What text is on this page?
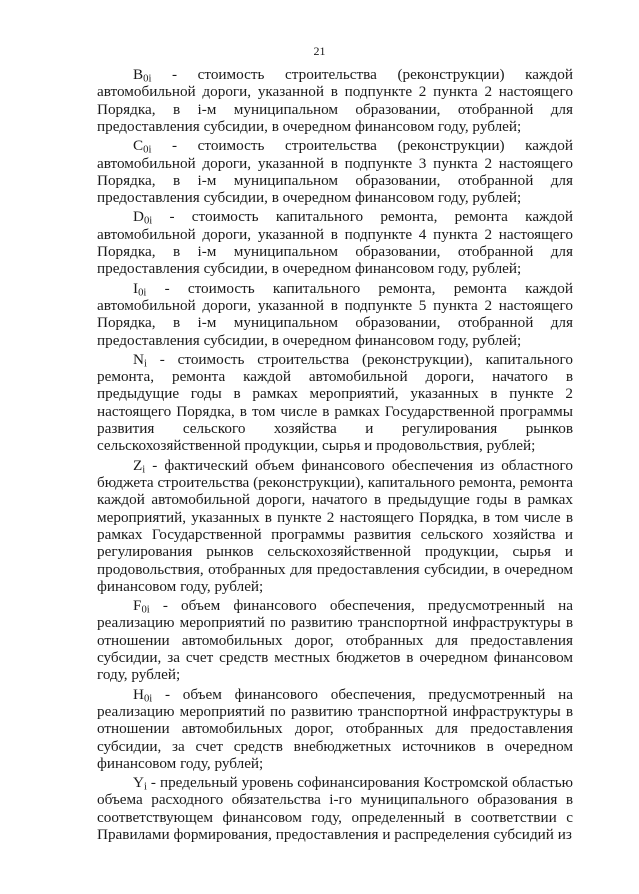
21

$B_{0i}$ - стоимость строительства (реконструкции) каждой автомобильной дороги, указанной в подпункте 2 пункта 2 настоящего Порядка, в i-м муниципальном образовании, отобранной для предоставления субсидии, в очередном финансовом году, рублей;

$C_{0i}$ - стоимость строительства (реконструкции) каждой автомобильной дороги, указанной в подпункте 3 пункта 2 настоящего Порядка, в i-м муниципальном образовании, отобранной для предоставления субсидии, в очередном финансовом году, рублей;

$D_{0i}$ - стоимость капитального ремонта, ремонта каждой автомобильной дороги, указанной в подпункте 4 пункта 2 настоящего Порядка, в i-м муниципальном образовании, отобранной для предоставления субсидии, в очередном финансовом году, рублей;

$I_{0i}$ - стоимость капитального ремонта, ремонта каждой автомобильной дороги, указанной в подпункте 5 пункта 2 настоящего Порядка, в i-м муниципальном образовании, отобранной для предоставления субсидии, в очередном финансовом году, рублей;

$N_i$ - стоимость строительства (реконструкции), капитального ремонта, ремонта каждой автомобильной дороги, начатого в предыдущие годы в рамках мероприятий, указанных в пункте 2 настоящего Порядка, в том числе в рамках Государственной программы развития сельского хозяйства и регулирования рынков сельскохозяйственной продукции, сырья и продовольствия, рублей;

$Z_i$ - фактический объем финансового обеспечения из областного бюджета строительства (реконструкции), капитального ремонта, ремонта каждой автомобильной дороги, начатого в предыдущие годы в рамках мероприятий, указанных в пункте 2 настоящего Порядка, в том числе в рамках Государственной программы развития сельского хозяйства и регулирования рынков сельскохозяйственной продукции, сырья и продовольствия, отобранных для предоставления субсидии, в очередном финансовом году, рублей;

$F_{0i}$ - объем финансового обеспечения, предусмотренный на реализацию мероприятий по развитию транспортной инфраструктуры в отношении автомобильных дорог, отобранных для предоставления субсидии, за счет средств местных бюджетов в очередном финансовом году, рублей;

$H_{0i}$ - объем финансового обеспечения, предусмотренный на реализацию мероприятий по развитию транспортной инфраструктуры в отношении автомобильных дорог, отобранных для предоставления субсидии, за счет средств внебюджетных источников в очередном финансовом году, рублей;

$Y_i$ - предельный уровень софинансирования Костромской областью объема расходного обязательства i-го муниципального образования в соответствующем финансовом году, определенный в соответствии с Правилами формирования, предоставления и распределения субсидий из
